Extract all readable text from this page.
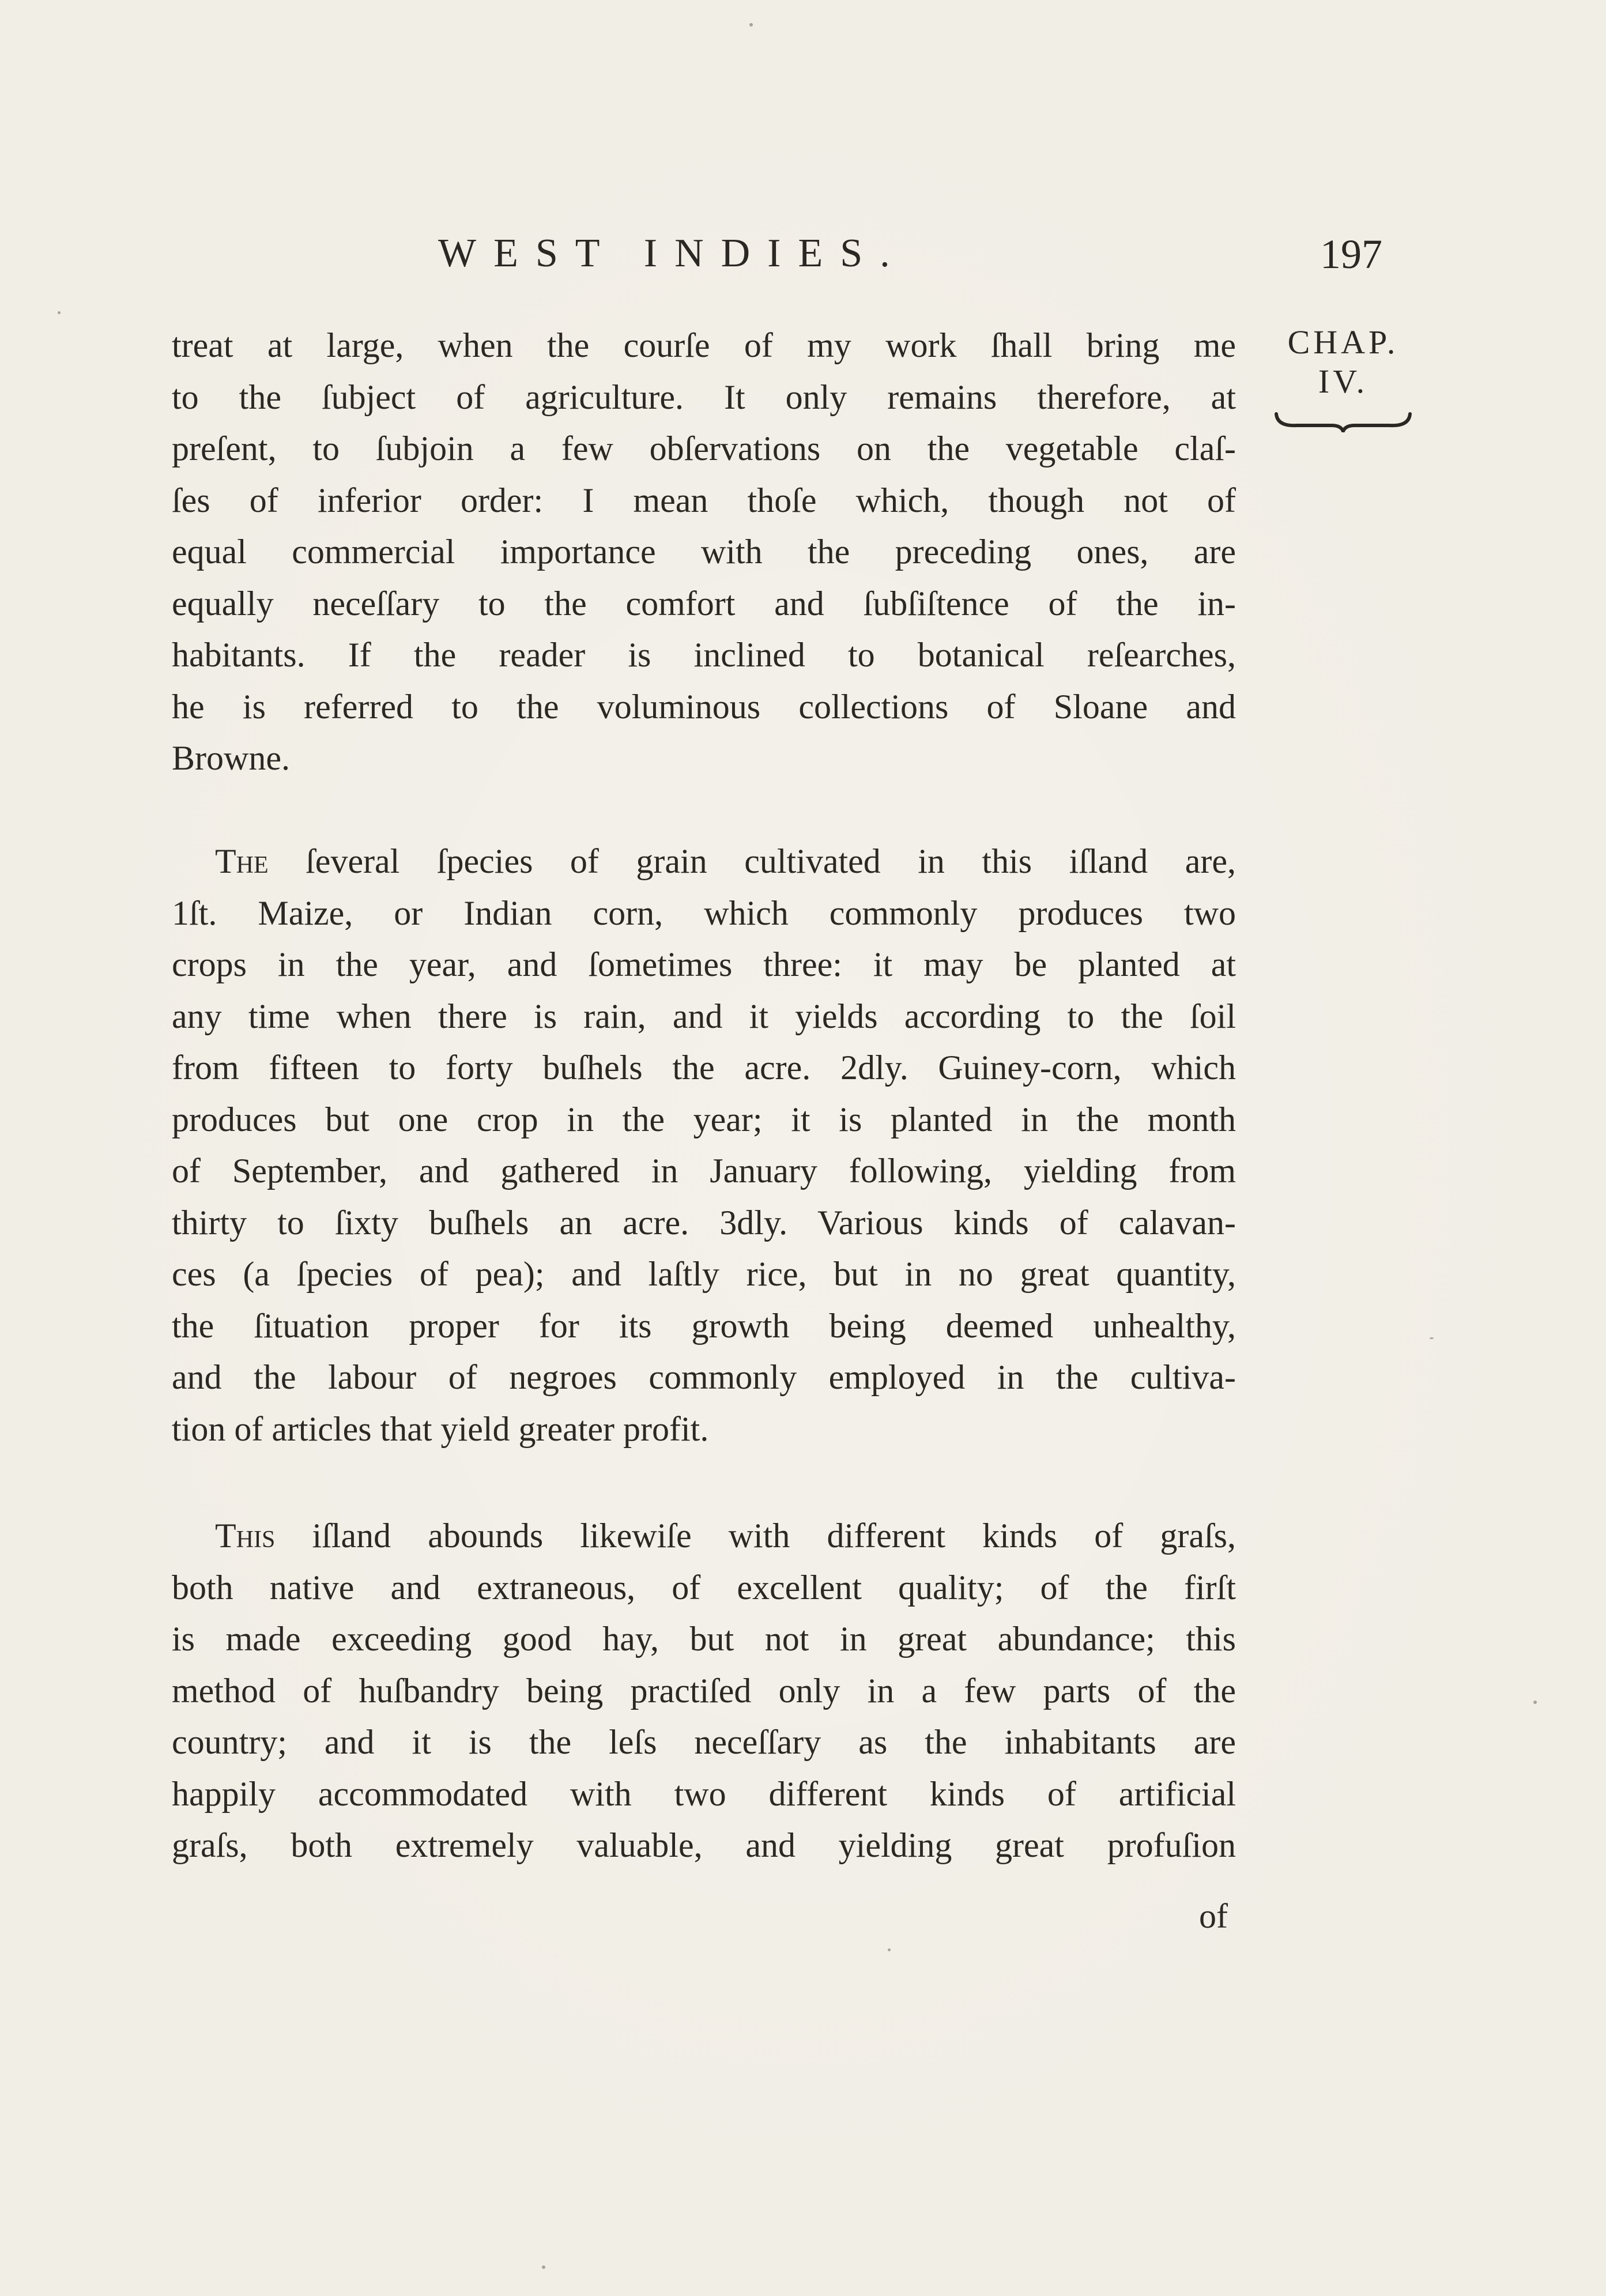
WEST INDIES.	197
CHAP.
IV.
treat at large, when the courſe of my work ſhall bring me
to the ſubject of agriculture. It only remains therefore, at
preſent, to ſubjoin a few obſervations on the vegetable claſ-
ſes of inferior order: I mean thoſe which, though not of
equal commercial importance with the preceding ones, are
equally neceſſary to the comfort and ſubſiſtence of the in-
habitants. If the reader is inclined to botanical reſearches,
he is referred to the voluminous collections of Sloane and
Browne.
The ſeveral ſpecies of grain cultivated in this iſland are,
1ſt. Maize, or Indian corn, which commonly produces two
crops in the year, and ſometimes three: it may be planted at
any time when there is rain, and it yields according to the ſoil
from fifteen to forty buſhels the acre. 2dly. Guiney-corn, which
produces but one crop in the year; it is planted in the month
of September, and gathered in January following, yielding from
thirty to ſixty buſhels an acre. 3dly. Various kinds of calavan-
ces (a ſpecies of pea); and laſtly rice, but in no great quantity,
the ſituation proper for its growth being deemed unhealthy,
and the labour of negroes commonly employed in the cultiva-
tion of articles that yield greater profit.
This iſland abounds likewiſe with different kinds of graſs,
both native and extraneous, of excellent quality; of the firſt
is made exceeding good hay, but not in great abundance; this
method of huſbandry being practiſed only in a few parts of the
country; and it is the leſs neceſſary as the inhabitants are
happily accommodated with two different kinds of artificial
graſs, both extremely valuable, and yielding great profuſion
of
